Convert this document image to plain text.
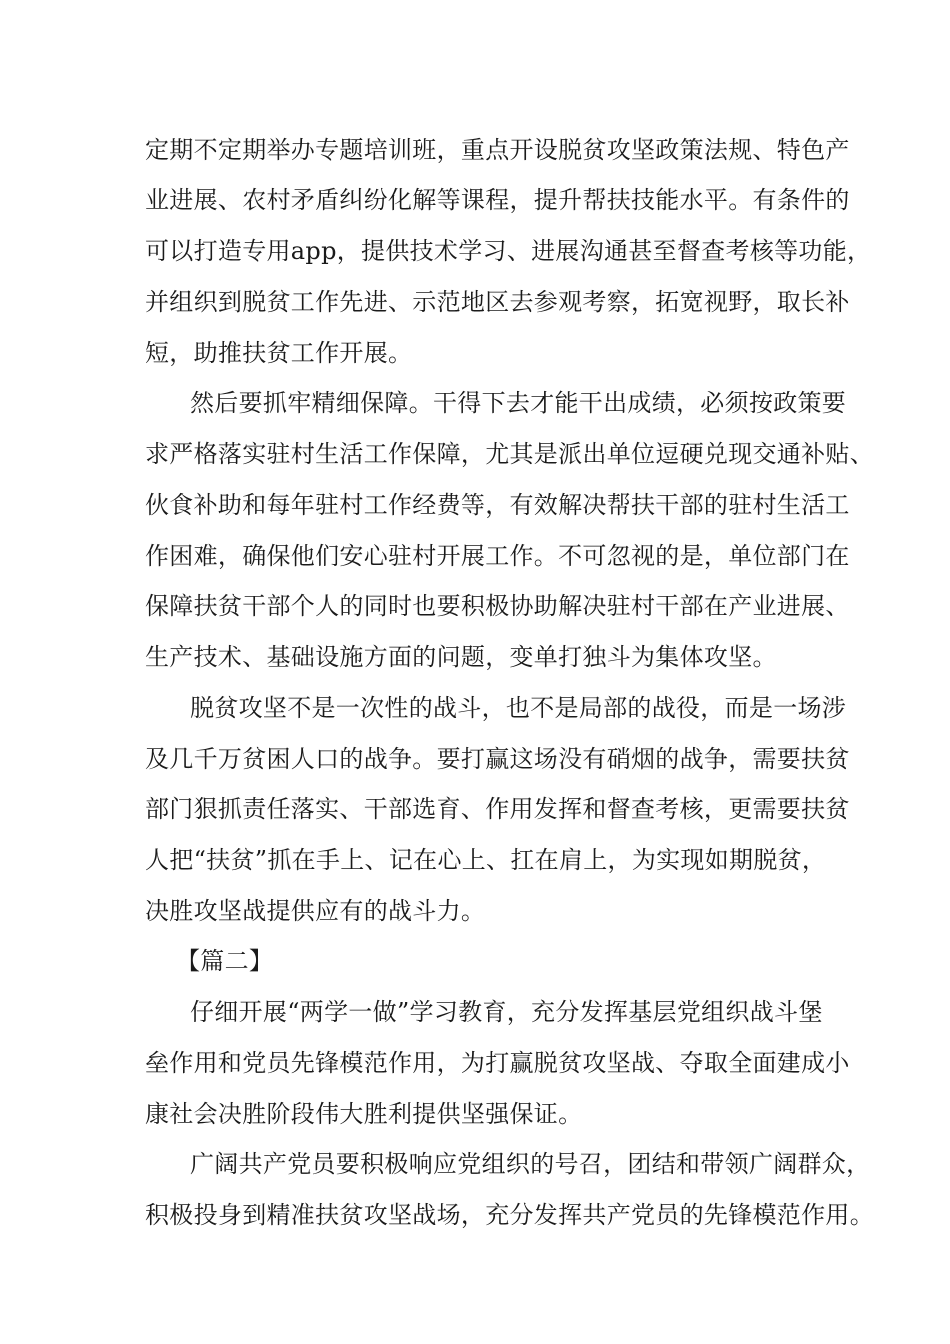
定期不定期举办专题培训班，重点开设脱贫攻坚政策法规、特色产
业进展、农村矛盾纠纷化解等课程，提升帮扶技能水平。有条件的
可以打造专用app，提供技术学习、进展沟通甚至督查考核等功能，
并组织到脱贫工作先进、示范地区去参观考察，拓宽视野，取长补
短，助推扶贫工作开展。
然后要抓牢精细保障。干得下去才能干出成绩，必须按政策要
求严格落实驻村生活工作保障，尤其是派出单位逗硬兑现交通补贴、
伙食补助和每年驻村工作经费等，有效解决帮扶干部的驻村生活工
作困难，确保他们安心驻村开展工作。不可忽视的是，单位部门在
保障扶贫干部个人的同时也要积极协助解决驻村干部在产业进展、
生产技术、基础设施方面的问题，变单打独斗为集体攻坚。
脱贫攻坚不是一次性的战斗，也不是局部的战役，而是一场涉
及几千万贫困人口的战争。要打赢这场没有硝烟的战争，需要扶贫
部门狠抓责任落实、干部选育、作用发挥和督查考核，更需要扶贫
人把“扶贫”抓在手上、记在心上、扛在肩上，为实现如期脱贫，
决胜攻坚战提供应有的战斗力。
【篇二】
仔细开展“两学一做”学习教育，充分发挥基层党组织战斗堡
垒作用和党员先锋模范作用，为打赢脱贫攻坚战、夺取全面建成小
康社会决胜阶段伟大胜利提供坚强保证。
广阔共产党员要积极响应党组织的号召，团结和带领广阔群众，
积极投身到精准扶贫攻坚战场，充分发挥共产党员的先锋模范作用。
